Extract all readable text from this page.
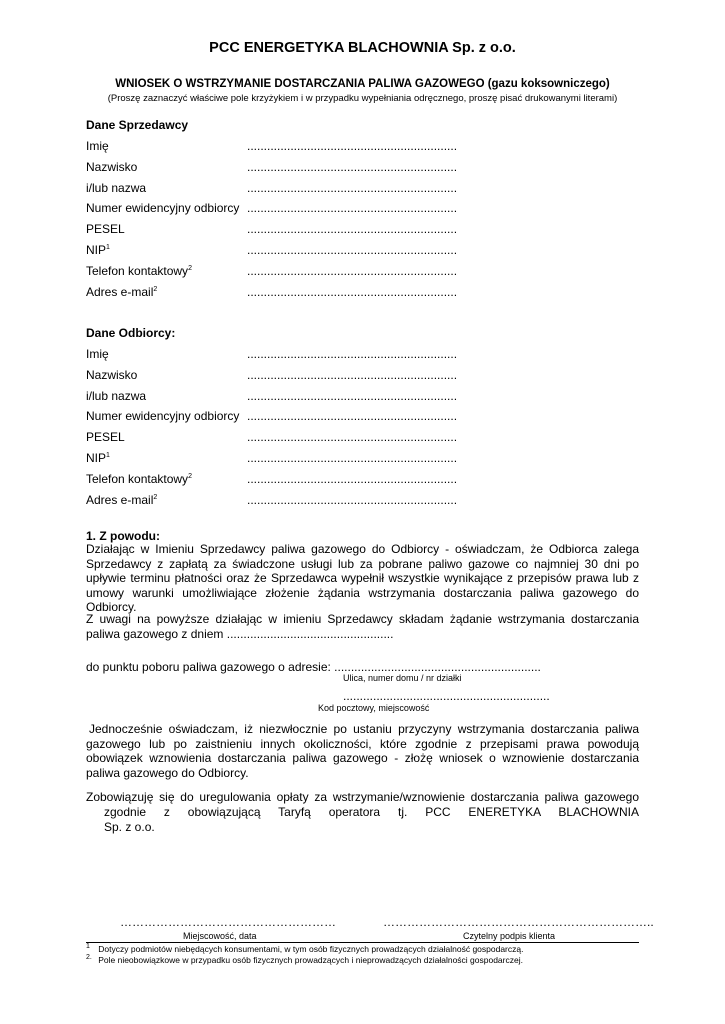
PCC ENERGETYKA BLACHOWNIA Sp. z o.o.
WNIOSEK O WSTRZYMANIE DOSTARCZANIA PALIWA GAZOWEGO (gazu koksowniczego)
(Proszę zaznaczyć właściwe pole krzyżykiem i w przypadku wypełniania odręcznego, proszę pisać drukowanymi literami)
Dane Sprzedawcy
Imię	...............................................................
Nazwisko	...............................................................
i/lub nazwa	...............................................................
Numer ewidencyjny odbiorcy ...............................................................
PESEL	...............................................................
NIP$^1$	...............................................................
Telefon kontaktowy$^2$	...............................................................
Adres e-mail$^2$	...............................................................
Dane Odbiorcy:
Imię	...............................................................
Nazwisko	...............................................................
i/lub nazwa	...............................................................
Numer ewidencyjny odbiorcy ...............................................................
PESEL	...............................................................
NIP$^1$	...............................................................
Telefon kontaktowy$^2$	...............................................................
Adres e-mail$^2$	...............................................................
1. Z powodu:
Działając w Imieniu Sprzedawcy paliwa gazowego do Odbiorcy - oświadczam, że Odbiorca zalega Sprzedawcy z zapłatą za świadczone usługi lub za pobrane paliwo gazowe co najmniej 30 dni po upływie terminu płatności oraz że Sprzedawca wypełnił wszystkie wynikające z przepisów prawa lub z umowy warunki umożliwiające złożenie żądania wstrzymania dostarczania paliwa gazowego do Odbiorcy.
Z uwagi na powyższe działając w imieniu Sprzedawcy składam żądanie wstrzymania dostarczania paliwa gazowego z dniem ..................................................
do punktu poboru paliwa gazowego o adresie: ..............................................................
Ulica, numer domu / nr działki
..............................................................
Kod pocztowy, miejscowość
Jednocześnie oświadczam, iż niezwłocznie po ustaniu przyczyny wstrzymania dostarczania paliwa gazowego lub po zaistnieniu innych okoliczności, które zgodnie z przepisami prawa powodują obowiązek wznowienia dostarczania paliwa gazowego - złożę wniosek o wznowienie dostarczania paliwa gazowego do Odbiorcy.
Zobowiązuję się do uregulowania opłaty za wstrzymanie/wznowienie dostarczania paliwa gazowego
zgodnie z obowiązującą Taryfą operatora tj. PCC ENERETYKA BLACHOWNIA
Sp. z o.o.
………………………………………………
Miejscowość, data
…………………………………………………………..
Czytelny podpis klienta
$^1$ Dotyczy podmiotów niebędących konsumentami, w tym osób fizycznych prowadzących działalność gospodarczą.
$^{2.}$ Pole nieobowiązkowe w przypadku osób fizycznych prowadzących i nieprowadzących działalności gospodarczej.
